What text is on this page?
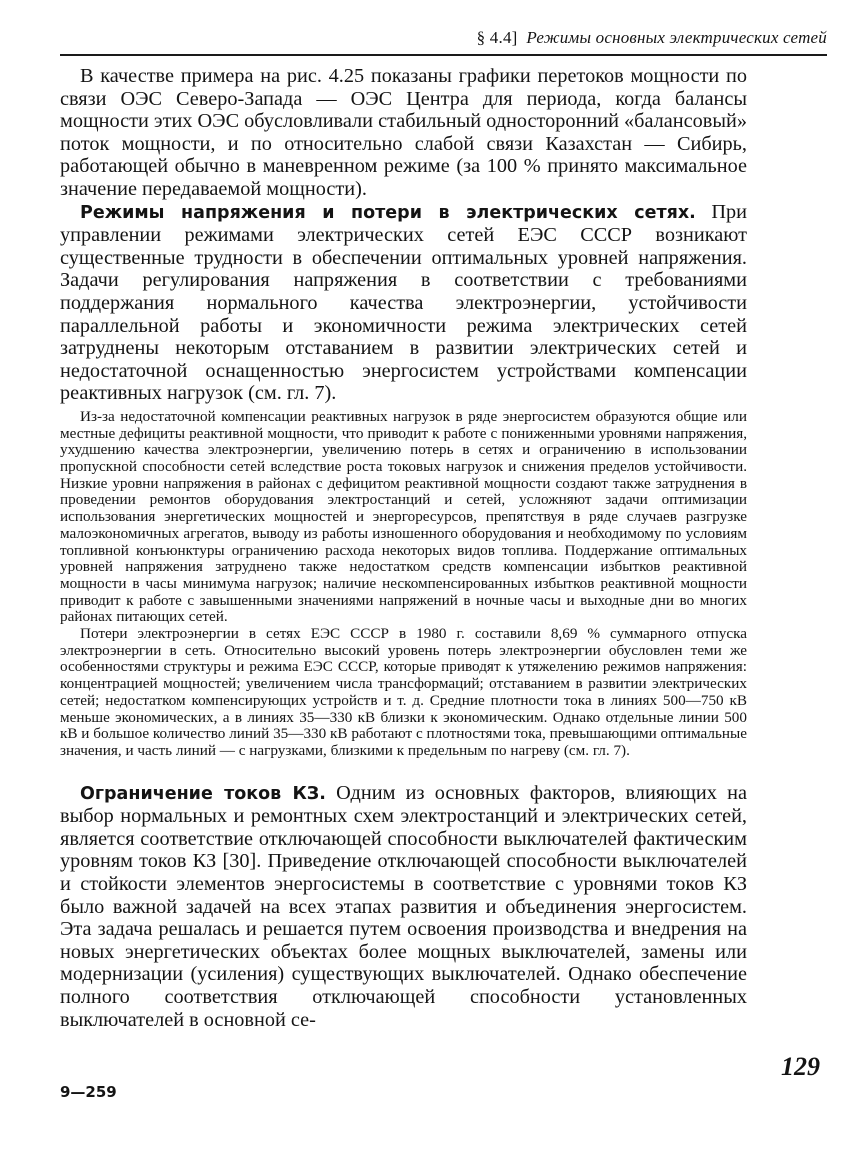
§ 4.4] Режимы основных электрических сетей

В качестве примера на рис. 4.25 показаны графики перетоков мощности по связи ОЭС Северо-Запада — ОЭС Центра для периода, когда балансы мощности этих ОЭС обусловливали стабильный односторонний «балансовый» поток мощности, и по относительно слабой связи Казахстан — Сибирь, работающей обычно в маневренном режиме (за 100 % принято максимальное значение передаваемой мощности).

Режимы напряжения и потери в электрических сетях. При управлении режимами электрических сетей ЕЭС СССР возникают существенные трудности в обеспечении оптимальных уровней напряжения. Задачи регулирования напряжения в соответствии с требованиями поддержания нормального качества электроэнергии, устойчивости параллельной работы и экономичности режима электрических сетей затруднены некоторым отставанием в развитии электрических сетей и недостаточной оснащенностью энергосистем устройствами компенсации реактивных нагрузок (см. гл. 7).

Из-за недостаточной компенсации реактивных нагрузок в ряде энергосистем образуются общие или местные дефициты реактивной мощности, что приводит к работе с пониженными уровнями напряжения, ухудшению качества электроэнергии, увеличению потерь в сетях и ограничению в использовании пропускной способности сетей вследствие роста токовых нагрузок и снижения пределов устойчивости. Низкие уровни напряжения в районах с дефицитом реактивной мощности создают также затруднения в проведении ремонтов оборудования электростанций и сетей, усложняют задачи оптимизации использования энергетических мощностей и энергоресурсов, препятствуя в ряде случаев разгрузке малоэкономичных агрегатов, выводу из работы изношенного оборудования и необходимому по условиям топливной конъюнктуры ограничению расхода некоторых видов топлива. Поддержание оптимальных уровней напряжения затруднено также недостатком средств компенсации избытков реактивной мощности в часы минимума нагрузок; наличие нескомпенсированных избытков реактивной мощности приводит к работе с завышенными значениями напряжений в ночные часы и выходные дни во многих районах питающих сетей.

Потери электроэнергии в сетях ЕЭС СССР в 1980 г. составили 8,69 % суммарного отпуска электроэнергии в сеть. Относительно высокий уровень потерь электроэнергии обусловлен теми же особенностями структуры и режима ЕЭС СССР, которые приводят к утяжелению режимов напряжения: концентрацией мощностей; увеличением числа трансформаций; отставанием в развитии электрических сетей; недостатком компенсирующих устройств и т. д. Средние плотности тока в линиях 500—750 кВ меньше экономических, а в линиях 35—330 кВ близки к экономическим. Однако отдельные линии 500 кВ и большое количество линий 35—330 кВ работают с плотностями тока, превышающими оптимальные значения, и часть линий — с нагрузками, близкими к предельным по нагреву (см. гл. 7).

Ограничение токов КЗ. Одним из основных факторов, влияющих на выбор нормальных и ремонтных схем электростанций и электрических сетей, является соответствие отключающей способности выключателей фактическим уровням токов КЗ [30]. Приведение отключающей способности выключателей и стойкости элементов энергосистемы в соответствие с уровнями токов КЗ было важной задачей на всех этапах развития и объединения энергосистем. Эта задача решалась и решается путем освоения производства и внедрения на новых энергетических объектах более мощных выключателей, замены или модернизации (усиления) существующих выключателей. Однако обеспечение полного соответствия отключающей способности установленных выключателей в основной се-

129
9—259
